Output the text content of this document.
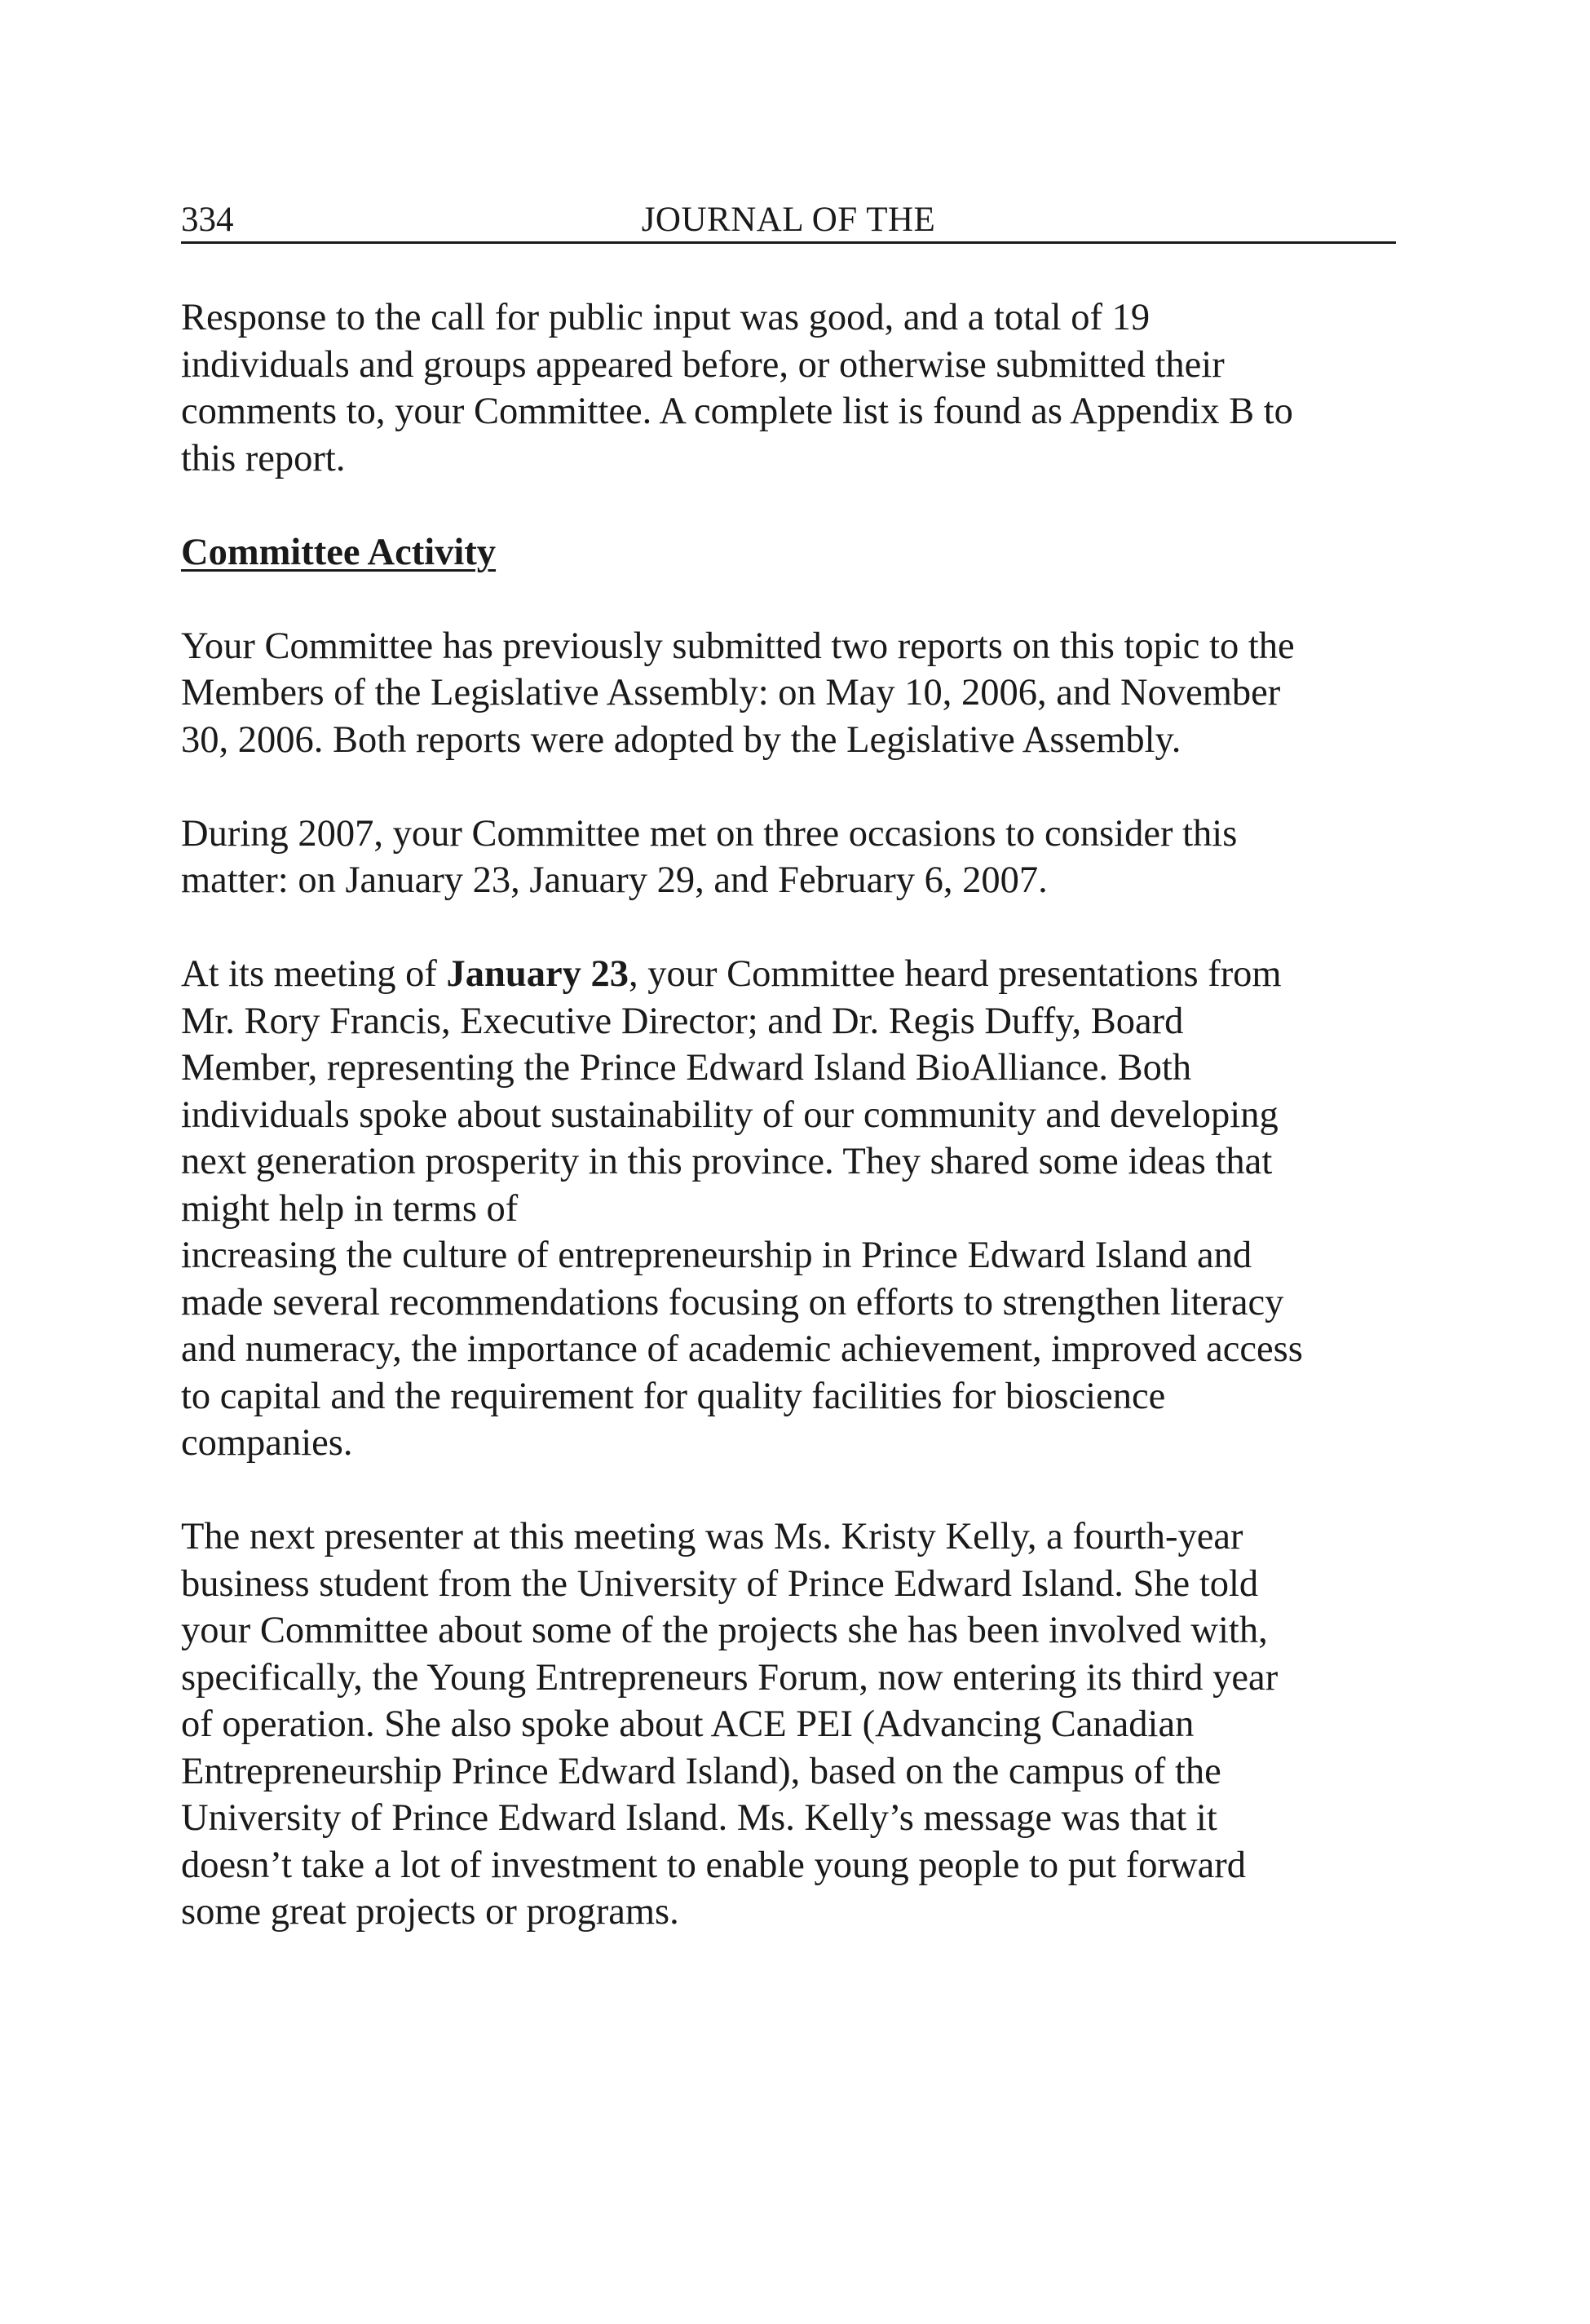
334	JOURNAL OF THE

Response to the call for public input was good, and a total of 19
individuals and groups appeared before, or otherwise submitted their
comments to, your Committee. A complete list is found as Appendix B to
this report.

Committee Activity

Your Committee has previously submitted two reports on this topic to the
Members of the Legislative Assembly: on May 10, 2006, and November
30, 2006. Both reports were adopted by the Legislative Assembly.

During 2007, your Committee met on three occasions to consider this
matter: on January 23, January 29, and February 6, 2007.

At its meeting of January 23, your Committee heard presentations from
Mr. Rory Francis, Executive Director; and Dr. Regis Duffy, Board
Member, representing the Prince Edward Island BioAlliance. Both
individuals spoke about sustainability of our community and developing
next generation prosperity in this province. They shared some ideas that
might help in terms of
increasing the culture of entrepreneurship in Prince Edward Island and
made several recommendations focusing on efforts to strengthen literacy
and numeracy, the importance of academic achievement, improved access
to capital and the requirement for quality facilities for bioscience
companies.

The next presenter at this meeting was Ms. Kristy Kelly, a fourth-year
business student from the University of Prince Edward Island. She told
your Committee about some of the projects she has been involved with,
specifically, the Young Entrepreneurs Forum, now entering its third year
of operation. She also spoke about ACE PEI (Advancing Canadian
Entrepreneurship Prince Edward Island), based on the campus of the
University of Prince Edward Island. Ms. Kelly’s message was that it
doesn’t take a lot of investment to enable young people to put forward
some great projects or programs.
